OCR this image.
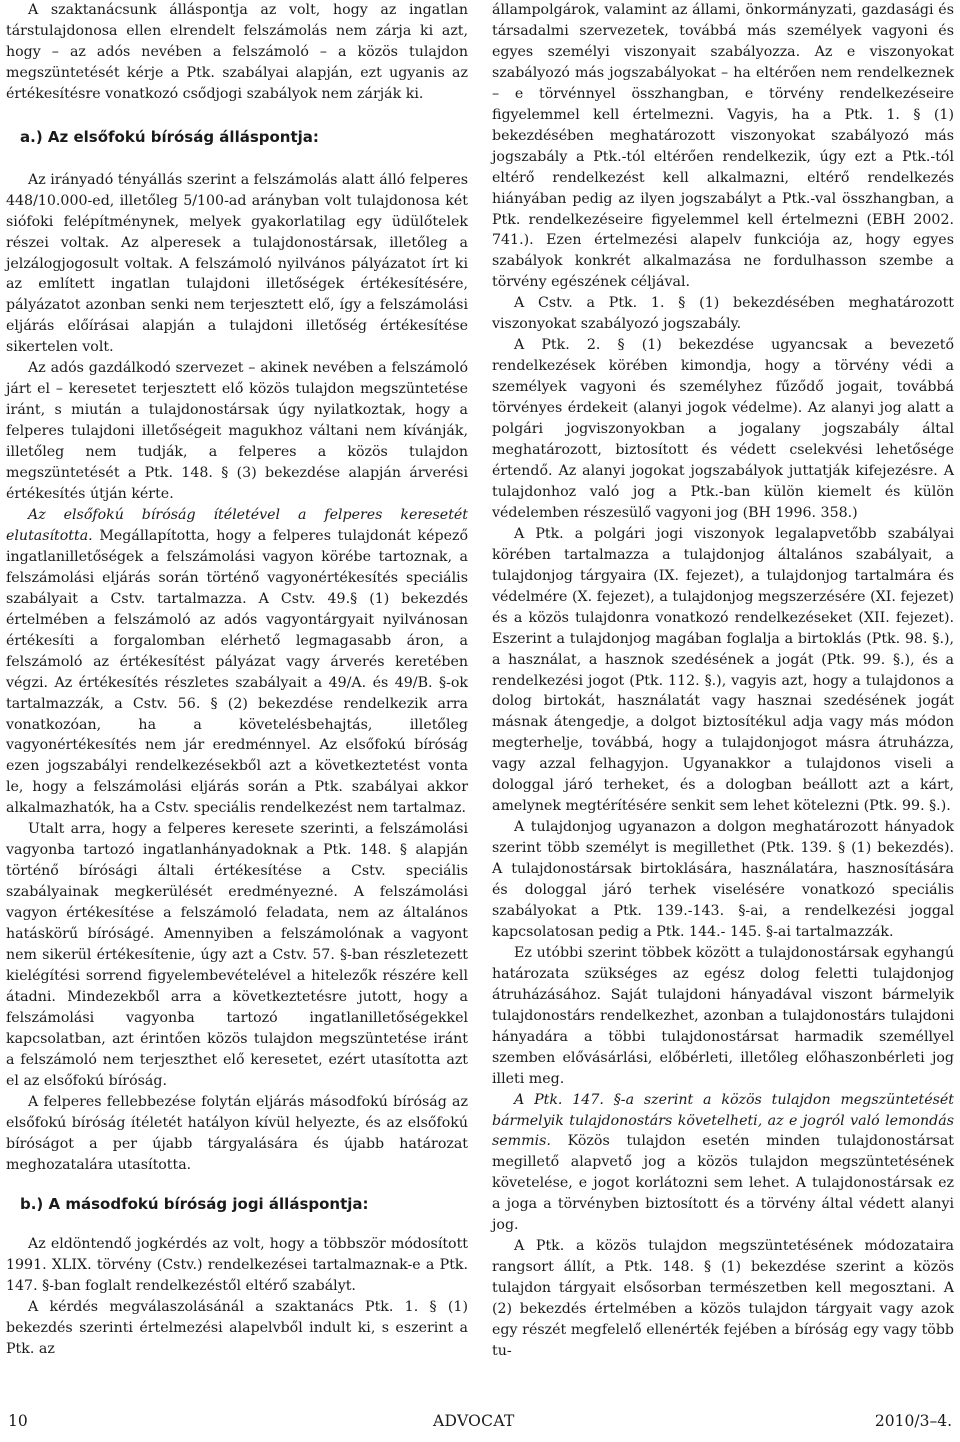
A szaktanácsunk álláspontja az volt, hogy az ingatlan társtulajdonosa ellen elrendelt felszámolás nem zárja ki azt, hogy – az adós nevében a felszámoló – a közös tulajdon megszüntetését kérje a Ptk. szabályai alapján, ezt ugyanis az értékesítésre vonatkozó csődjogi szabályok nem zárják ki.

a.) Az elsőfokú bíróság álláspontja:

Az irányadó tényállás szerint a felszámolás alatt álló felperes 448/10.000-ed, illetőleg 5/100-ad arányban volt tulajdonosa két siófoki felépítménynek, melyek gyakorlatilag egy üdülőtelek részei voltak. Az alperesek a tulajdonostársak, illetőleg a jelzálogjogosult voltak. A felszámoló nyilvános pályázatot írt ki az említett ingatlan tulajdoni illetőségek értékesítésére, pályázatot azonban senki nem terjesztett elő, így a felszámolási eljárás előírásai alapján a tulajdoni illetőség értékesítése sikertelen volt.

Az adós gazdálkodó szervezet – akinek nevében a felszámoló járt el – keresetet terjesztett elő közös tulajdon megszüntetése iránt, s miután a tulajdonostársak úgy nyilatkoztak, hogy a felperes tulajdoni illetőségeit magukhoz váltani nem kívánják, illetőleg nem tudják, a felperes a közös tulajdon megszüntetését a Ptk. 148. § (3) bekezdése alapján árverési értékesítés útján kérte.

Az elsőfokú bíróság ítéletével a felperes keresetét elutasította. Megállapította, hogy a felperes tulajdonát képező ingatlanilletőségek a felszámolási vagyon körébe tartoznak, a felszámolási eljárás során történő vagyonértékesítés speciális szabályait a Cstv. tartalmazza. A Cstv. 49.§ (1) bekezdés értelmében a felszámoló az adós vagyontárgyait nyilvánosan értékesíti a forgalomban elérhető legmagasabb áron, a felszámoló az értékesítést pályázat vagy árverés keretében végzi. Az értékesítés részletes szabályait a 49/A. és 49/B. §-ok tartalmazzák, a Cstv. 56. § (2) bekezdése rendelkezik arra vonatkozóan, ha a követelésbehajtás, illetőleg vagyonértékesítés nem jár eredménnyel. Az elsőfokú bíróság ezen jogszabályi rendelkezésekből azt a következtetést vonta le, hogy a felszámolási eljárás során a Ptk. szabályai akkor alkalmazhatók, ha a Cstv. speciális rendelkezést nem tartalmaz.

Utalt arra, hogy a felperes keresete szerinti, a felszámolási vagyonba tartozó ingatlanhányadoknak a Ptk. 148. § alapján történő bírósági általi értékesítése a Cstv. speciális szabályainak megkerülését eredményezné. A felszámolási vagyon értékesítése a felszámoló feladata, nem az általános hatáskörű bíróságé. Amennyiben a felszámolónak a vagyont nem sikerül értékesítenie, úgy azt a Cstv. 57. §-ban részletezett kielégítési sorrend figyelembevételével a hitelezők részére kell átadni. Mindezekből arra a következtetésre jutott, hogy a felszámolási vagyonba tartozó ingatlanilletőségekkel kapcsolatban, azt érintően közös tulajdon megszüntetése iránt a felszámoló nem terjeszthet elő keresetet, ezért utasította azt el az elsőfokú bíróság.

A felperes fellebbezése folytán eljárás másodfokú bíróság az elsőfokú bíróság ítéletét hatályon kívül helyezte, és az elsőfokú bíróságot a per újabb tárgyalására és újabb határozat meghozatalára utasította.

b.) A másodfokú bíróság jogi álláspontja:

Az eldöntendő jogkérdés az volt, hogy a többször módosított 1991. XLIX. törvény (Cstv.) rendelkezései tartalmaznak-e a Ptk. 147. §-ban foglalt rendelkezéstől eltérő szabályt.

A kérdés megválaszolásánál a szaktanács Ptk. 1. § (1) bekezdés szerinti értelmezési alapelvből indult ki, s eszerint a Ptk. az

állampolgárok, valamint az állami, önkormányzati, gazdasági és társadalmi szervezetek, továbbá más személyek vagyoni és egyes személyi viszonyait szabályozza. Az e viszonyokat szabályozó más jogszabályokat – ha eltérően nem rendelkeznek – e törvénnyel összhangban, e törvény rendelkezéseire figyelemmel kell értelmezni. Vagyis, ha a Ptk. 1. § (1) bekezdésében meghatározott viszonyokat szabályozó más jogszabály a Ptk.-tól eltérően rendelkezik, úgy ezt a Ptk.-tól eltérő rendelkezést kell alkalmazni, eltérő rendelkezés hiányában pedig az ilyen jogszabályt a Ptk.-val összhangban, a Ptk. rendelkezéseire figyelemmel kell értelmezni (EBH 2002. 741.). Ezen értelmezési alapelv funkciója az, hogy egyes szabályok konkrét alkalmazása ne fordulhasson szembe a törvény egészének céljával.

A Cstv. a Ptk. 1. § (1) bekezdésében meghatározott viszonyokat szabályozó jogszabály.

A Ptk. 2. § (1) bekezdése ugyancsak a bevezető rendelkezések körében kimondja, hogy a törvény védi a személyek vagyoni és személyhez fűződő jogait, továbbá törvényes érdekeit (alanyi jogok védelme). Az alanyi jog alatt a polgári jogviszonyokban a jogalany jogszabály által meghatározott, biztosított és védett cselekvési lehetősége értendő. Az alanyi jogokat jogszabályok juttatják kifejezésre. A tulajdonhoz való jog a Ptk.-ban külön kiemelt és külön védelemben részesülő vagyoni jog (BH 1996. 358.)

A Ptk. a polgári jogi viszonyok legalapvetőbb szabályai körében tartalmazza a tulajdonjog általános szabályait, a tulajdonjog tárgyaira (IX. fejezet), a tulajdonjog tartalmára és védelmére (X. fejezet), a tulajdonjog megszerzésére (XI. fejezet) és a közös tulajdonra vonatkozó rendelkezéseket (XII. fejezet). Eszerint a tulajdonjog magában foglalja a birtoklás (Ptk. 98. §.), a használat, a hasznok szedésének a jogát (Ptk. 99. §.), és a rendelkezési jogot (Ptk. 112. §.), vagyis azt, hogy a tulajdonos a dolog birtokát, használatát vagy hasznai szedésének jogát másnak átengedje, a dolgot biztosítékul adja vagy más módon megterhelje, továbbá, hogy a tulajdonjogot másra átruházza, vagy azzal felhagyjon. Ugyanakkor a tulajdonos viseli a dologgal járó terheket, és a dologban beállott azt a kárt, amelynek megtérítésére senkit sem lehet kötelezni (Ptk. 99. §.).

A tulajdonjog ugyanazon a dolgon meghatározott hányadok szerint több személyt is megillethet (Ptk. 139. § (1) bekezdés). A tulajdonostársak birtoklására, használatára, hasznosítására és dologgal járó terhek viselésére vonatkozó speciális szabályokat a Ptk. 139.-143. §-ai, a rendelkezési joggal kapcsolatosan pedig a Ptk. 144.- 145. §-ai tartalmazzák.

Ez utóbbi szerint többek között a tulajdonostársak egyhangú határozata szükséges az egész dolog feletti tulajdonjog átruházásához. Saját tulajdoni hányadával viszont bármelyik tulajdonostárs rendelkezhet, azonban a tulajdonostárs tulajdoni hányadára a többi tulajdonostársat harmadik személlyel szemben elővásárlási, előbérleti, illetőleg előhaszonbérleti jog illeti meg.

A Ptk. 147. §-a szerint a közös tulajdon megszüntetését bármelyik tulajdonostárs követelheti, az e jogról való lemondás semmis. Közös tulajdon esetén minden tulajdonostársat megillető alapvető jog a közös tulajdon megszüntetésének követelése, e jogot korlátozni sem lehet. A tulajdonostársak ez a joga a törvényben biztosított és a törvény által védett alanyi jog.

A Ptk. a közös tulajdon megszüntetésének módozataira rangsort állít, a Ptk. 148. § (1) bekezdése szerint a közös tulajdon tárgyait elsősorban természetben kell megosztani. A (2) bekezdés értelmében a közös tulajdon tárgyait vagy azok egy részét megfelelő ellenérték fejében a bíróság egy vagy több tu-

10	ADVOCAT	2010/3–4.
